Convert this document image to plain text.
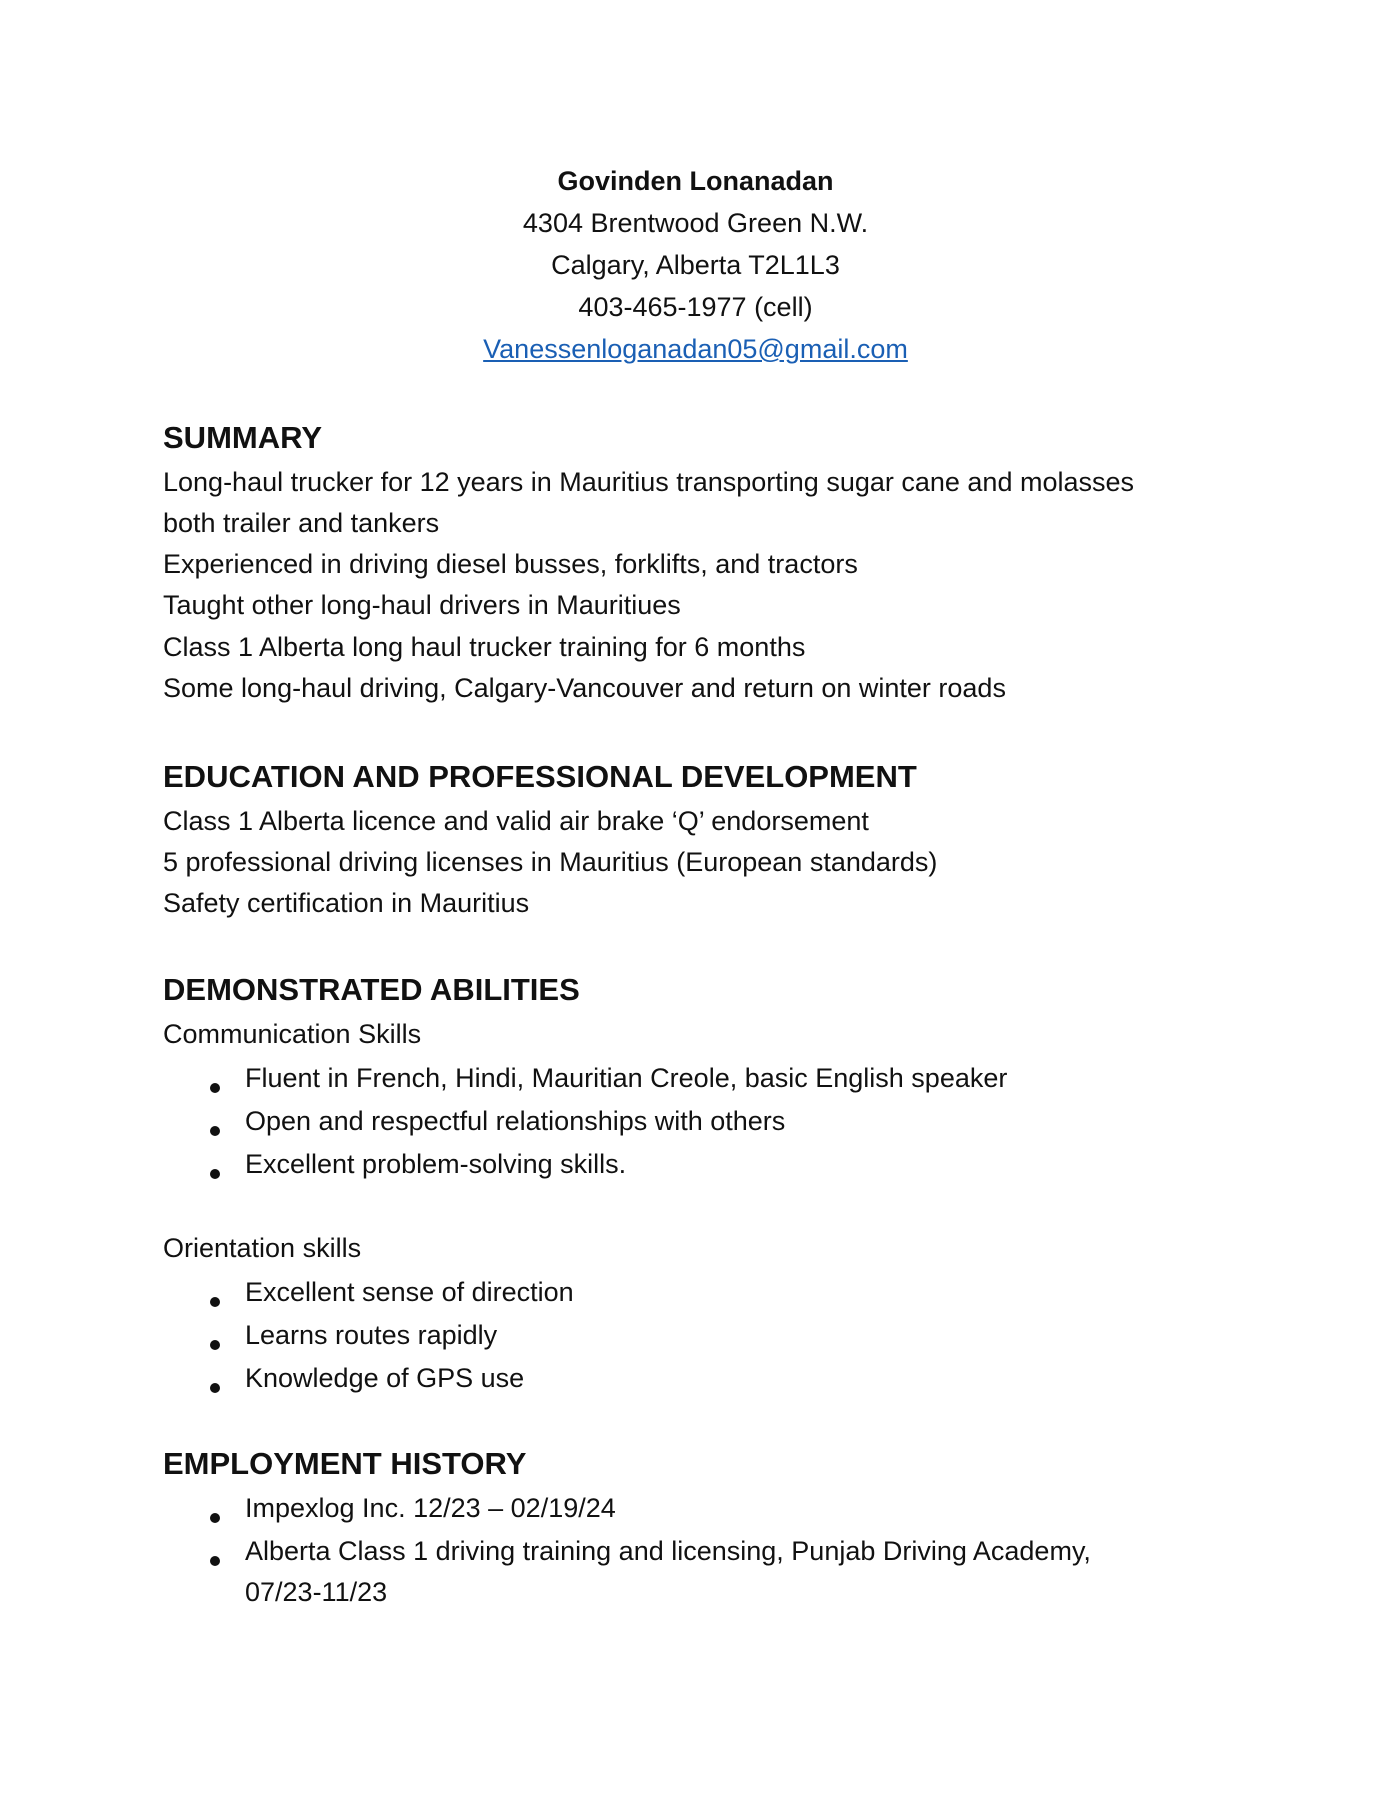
Govinden Lonanadan
4304 Brentwood Green N.W.
Calgary, Alberta T2L1L3
403-465-1977 (cell)
Vanessenloganadan05@gmail.com
SUMMARY
Long-haul trucker for 12 years in Mauritius transporting sugar cane and molasses
both trailer and tankers
Experienced in driving diesel busses, forklifts, and tractors
Taught other long-haul drivers in Mauritiues
Class 1 Alberta long haul trucker training for 6 months
Some long-haul driving, Calgary-Vancouver and return on winter roads
EDUCATION AND PROFESSIONAL DEVELOPMENT
Class 1 Alberta licence and valid air brake ‘Q’ endorsement
5 professional driving licenses in Mauritius (European standards)
Safety certification in Mauritius
DEMONSTRATED ABILITIES
Communication Skills
Fluent in French, Hindi, Mauritian Creole, basic English speaker
Open and respectful relationships with others
Excellent problem-solving skills.
Orientation skills
Excellent sense of direction
Learns routes rapidly
Knowledge of GPS use
EMPLOYMENT HISTORY
Impexlog Inc. 12/23 – 02/19/24
Alberta Class 1 driving training and licensing, Punjab Driving Academy,
07/23-11/23
